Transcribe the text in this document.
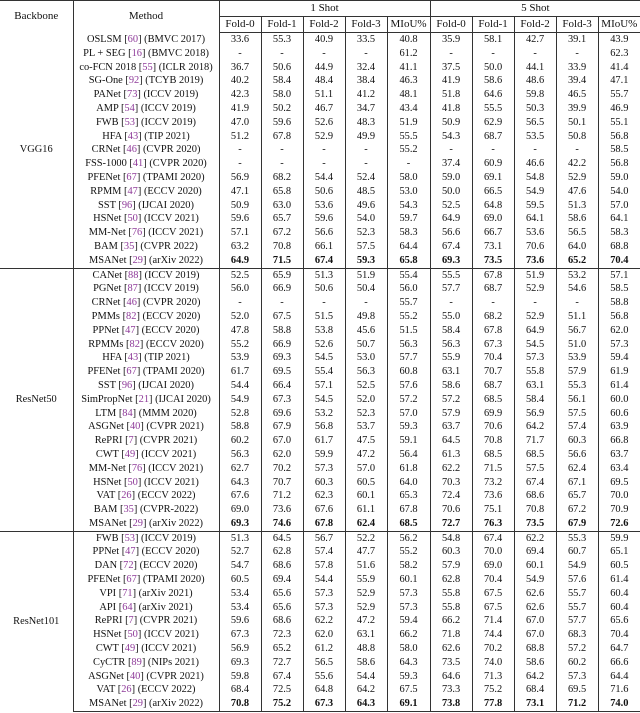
Backbone	Method	1 Shot					5 Shot				
		Fold-0	Fold-1	Fold-2	Fold-3	MIoU%	Fold-0	Fold-1	Fold-2	Fold-3	MIoU%
VGG16	OSLSM [60] (BMVC 2017)	33.6	55.3	40.9	33.5	40.8	35.9	58.1	42.7	39.1	43.9
	PL + SEG [16] (BMVC 2018)	-	-	-	-	61.2	-	-	-	-	62.3
	co-FCN 2018 [55] (ICLR 2018)	36.7	50.6	44.9	32.4	41.1	37.5	50.0	44.1	33.9	41.4
	SG-One [92] (TCYB 2019)	40.2	58.4	48.4	38.4	46.3	41.9	58.6	48.6	39.4	47.1
	PANet [73] (ICCV 2019)	42.3	58.0	51.1	41.2	48.1	51.8	64.6	59.8	46.5	55.7
	AMP [54] (ICCV 2019)	41.9	50.2	46.7	34.7	43.4	41.8	55.5	50.3	39.9	46.9
	FWB [53] (ICCV 2019)	47.0	59.6	52.6	48.3	51.9	50.9	62.9	56.5	50.1	55.1
	HFA [43] (TIP 2021)	51.2	67.8	52.9	49.9	55.5	54.3	68.7	53.5	50.8	56.8
	CRNet [46] (CVPR 2020)	-	-	-	-	55.2	-	-	-	-	58.5
	FSS-1000 [41] (CVPR 2020)	-	-	-	-	-	37.4	60.9	46.6	42.2	56.8
	PFENet [67] (TPAMI 2020)	56.9	68.2	54.4	52.4	58.0	59.0	69.1	54.8	52.9	59.0
	RPMM [47] (ECCV 2020)	47.1	65.8	50.6	48.5	53.0	50.0	66.5	54.9	47.6	54.0
	SST [96] (IJCAI 2020)	50.9	63.0	53.6	49.6	54.3	52.5	64.8	59.5	51.3	57.0
	HSNet [50] (ICCV 2021)	59.6	65.7	59.6	54.0	59.7	64.9	69.0	64.1	58.6	64.1
	MM-Net [76] (ICCV 2021)	57.1	67.2	56.6	52.3	58.3	56.6	66.7	53.6	56.5	58.3
	BAM [35] (CVPR 2022)	63.2	70.8	66.1	57.5	64.4	67.4	73.1	70.6	64.0	68.8
	MSANet [29] (arXiv 2022)	64.9	71.5	67.4	59.3	65.8	69.3	73.5	73.6	65.2	70.4
ResNet50	CANet [88] (ICCV 2019)	52.5	65.9	51.3	51.9	55.4	55.5	67.8	51.9	53.2	57.1
	PGNet [87] (ICCV 2019)	56.0	66.9	50.6	50.4	56.0	57.7	68.7	52.9	54.6	58.5
	CRNet [46] (CVPR 2020)	-	-	-	-	55.7	-	-	-	-	58.8
	PMMs [82] (ECCV 2020)	52.0	67.5	51.5	49.8	55.2	55.0	68.2	52.9	51.1	56.8
	PPNet [47] (ECCV 2020)	47.8	58.8	53.8	45.6	51.5	58.4	67.8	64.9	56.7	62.0
	RPMMs [82] (ECCV 2020)	55.2	66.9	52.6	50.7	56.3	56.3	67.3	54.5	51.0	57.3
	HFA [43] (TIP 2021)	53.9	69.3	54.5	53.0	57.7	55.9	70.4	57.3	53.9	59.4
	PFENet [67] (TPAMI 2020)	61.7	69.5	55.4	56.3	60.8	63.1	70.7	55.8	57.9	61.9
	SST [96] (IJCAI 2020)	54.4	66.4	57.1	52.5	57.6	58.6	68.7	63.1	55.3	61.4
	SimPropNet [21] (IJCAI 2020)	54.9	67.3	54.5	52.0	57.2	57.2	68.5	58.4	56.1	60.0
	LTM [84] (MMM 2020)	52.8	69.6	53.2	52.3	57.0	57.9	69.9	56.9	57.5	60.6
	ASGNet [40] (CVPR 2021)	58.8	67.9	56.8	53.7	59.3	63.7	70.6	64.2	57.4	63.9
	RePRI [7] (CVPR 2021)	60.2	67.0	61.7	47.5	59.1	64.5	70.8	71.7	60.3	66.8
	CWT [49] (ICCV 2021)	56.3	62.0	59.9	47.2	56.4	61.3	68.5	68.5	56.6	63.7
	MM-Net [76] (ICCV 2021)	62.7	70.2	57.3	57.0	61.8	62.2	71.5	57.5	62.4	63.4
	HSNet [50] (ICCV 2021)	64.3	70.7	60.3	60.5	64.0	70.3	73.2	67.4	67.1	69.5
	VAT [26] (ECCV 2022)	67.6	71.2	62.3	60.1	65.3	72.4	73.6	68.6	65.7	70.0
	BAM [35] (CVPR-2022)	69.0	73.6	67.6	61.1	67.8	70.6	75.1	70.8	67.2	70.9
	MSANet [29] (arXiv 2022)	69.3	74.6	67.8	62.4	68.5	72.7	76.3	73.5	67.9	72.6
ResNet101	FWB [53] (ICCV 2019)	51.3	64.5	56.7	52.2	56.2	54.8	67.4	62.2	55.3	59.9
	PPNet [47] (ECCV 2020)	52.7	62.8	57.4	47.7	55.2	60.3	70.0	69.4	60.7	65.1
	DAN [72] (ECCV 2020)	54.7	68.6	57.8	51.6	58.2	57.9	69.0	60.1	54.9	60.5
	PFENet [67] (TPAMI 2020)	60.5	69.4	54.4	55.9	60.1	62.8	70.4	54.9	57.6	61.4
	VPI [71] (arXiv 2021)	53.4	65.6	57.3	52.9	57.3	55.8	67.5	62.6	55.7	60.4
	API [64] (arXiv 2021)	53.4	65.6	57.3	52.9	57.3	55.8	67.5	62.6	55.7	60.4
	RePRI [7] (CVPR 2021)	59.6	68.6	62.2	47.2	59.4	66.2	71.4	67.0	57.7	65.6
	HSNet [50] (ICCV 2021)	67.3	72.3	62.0	63.1	66.2	71.8	74.4	67.0	68.3	70.4
	CWT [49] (ICCV 2021)	56.9	65.2	61.2	48.8	58.0	62.6	70.2	68.8	57.2	64.7
	CyCTR [89] (NIPs 2021)	69.3	72.7	56.5	58.6	64.3	73.5	74.0	58.6	60.2	66.6
	ASGNet [40] (CVPR 2021)	59.8	67.4	55.6	54.4	59.3	64.6	71.3	64.2	57.3	64.4
	VAT [26] (ECCV 2022)	68.4	72.5	64.8	64.2	67.5	73.3	75.2	68.4	69.5	71.6
	MSANet [29] (arXiv 2022)	70.8	75.2	67.3	64.3	69.1	73.8	77.8	73.1	71.2	74.0
